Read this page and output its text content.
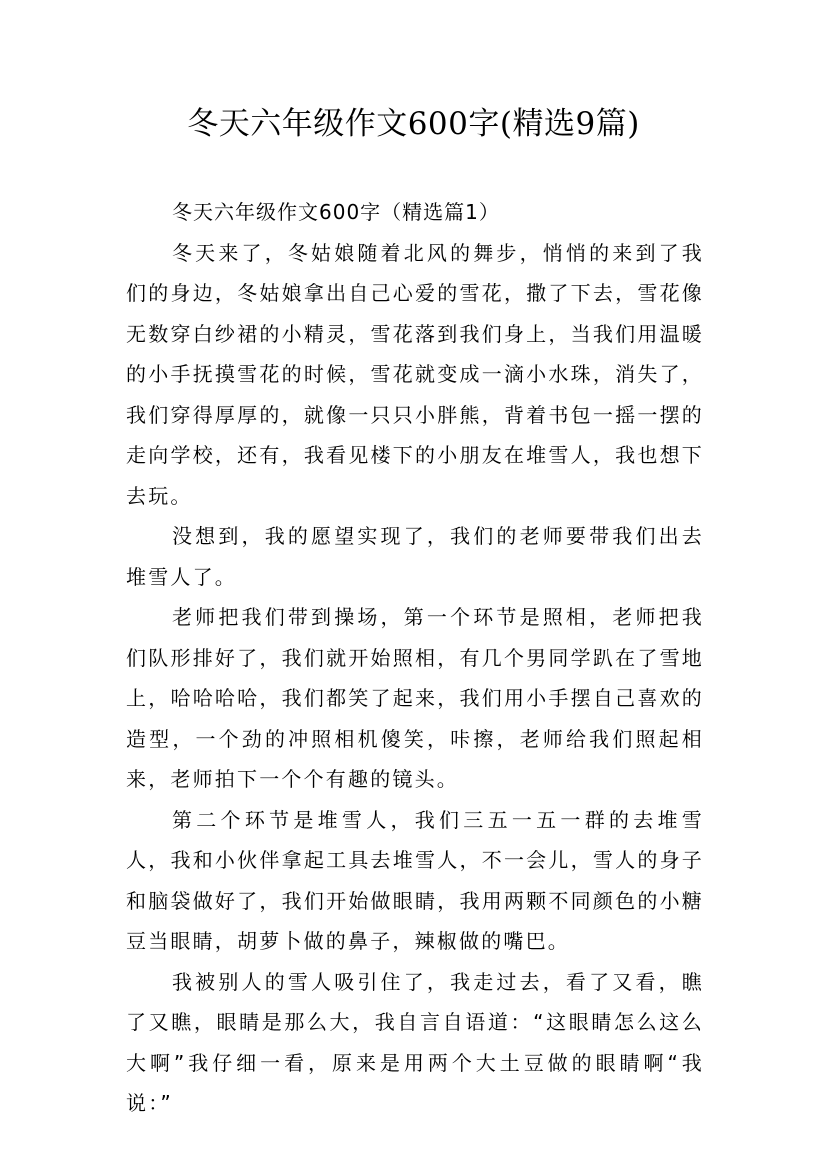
冬天六年级作文600字(精选9篇)

冬天六年级作文600字（精选篇1）

冬天来了，冬姑娘随着北风的舞步，悄悄的来到了我们的身边，冬姑娘拿出自己心爱的雪花，撒了下去，雪花像无数穿白纱裙的小精灵，雪花落到我们身上，当我们用温暖的小手抚摸雪花的时候，雪花就变成一滴小水珠，消失了，我们穿得厚厚的，就像一只只小胖熊，背着书包一摇一摆的走向学校，还有，我看见楼下的小朋友在堆雪人，我也想下去玩。

没想到，我的愿望实现了，我们的老师要带我们出去堆雪人了。

老师把我们带到操场，第一个环节是照相，老师把我们队形排好了，我们就开始照相，有几个男同学趴在了雪地上，哈哈哈哈，我们都笑了起来，我们用小手摆自己喜欢的造型，一个劲的冲照相机傻笑，咔擦，老师给我们照起相来，老师拍下一个个有趣的镜头。

第二个环节是堆雪人，我们三五一五一群的去堆雪人，我和小伙伴拿起工具去堆雪人，不一会儿，雪人的身子和脑袋做好了，我们开始做眼睛，我用两颗不同颜色的小糖豆当眼睛，胡萝卜做的鼻子，辣椒做的嘴巴。

我被别人的雪人吸引住了，我走过去，看了又看，瞧了又瞧，眼睛是那么大，我自言自语道：“这眼睛怎么这么大啊”我仔细一看，原来是用两个大土豆做的眼睛啊“我说：”
